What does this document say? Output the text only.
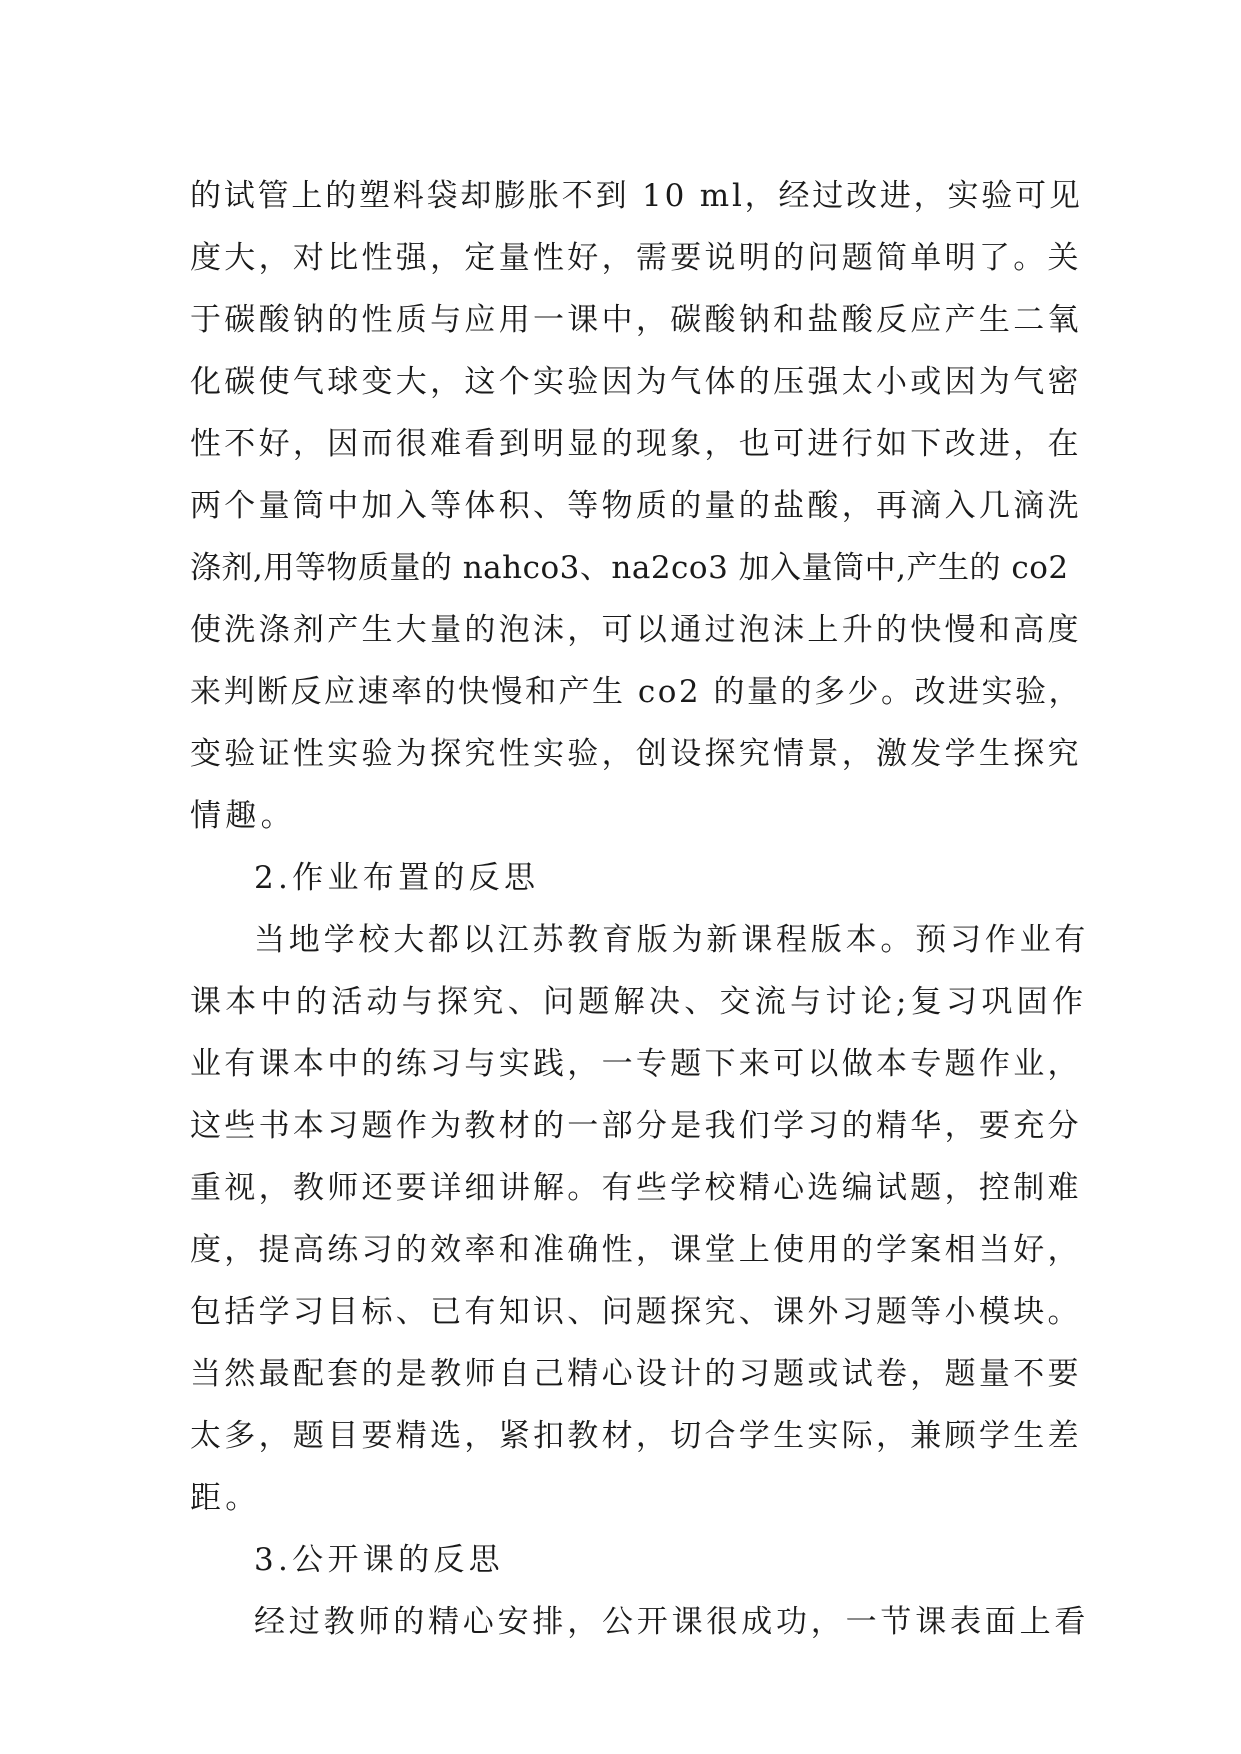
的试管上的塑料袋却膨胀不到 10 ml，经过改进，实验可见
度大，对比性强，定量性好，需要说明的问题简单明了。关
于碳酸钠的性质与应用一课中，碳酸钠和盐酸反应产生二氧
化碳使气球变大，这个实验因为气体的压强太小或因为气密
性不好，因而很难看到明显的现象，也可进行如下改进，在
两个量筒中加入等体积、等物质的量的盐酸，再滴入几滴洗
涤剂,用等物质量的 nahco3、na2co3 加入量筒中,产生的 co2
使洗涤剂产生大量的泡沫，可以通过泡沫上升的快慢和高度
来判断反应速率的快慢和产生 co2 的量的多少。改进实验，
变验证性实验为探究性实验，创设探究情景，激发学生探究
情趣。
2.作业布置的反思
当地学校大都以江苏教育版为新课程版本。预习作业有
课本中的活动与探究、问题解决、交流与讨论;复习巩固作
业有课本中的练习与实践，一专题下来可以做本专题作业，
这些书本习题作为教材的一部分是我们学习的精华，要充分
重视，教师还要详细讲解。有些学校精心选编试题，控制难
度，提高练习的效率和准确性，课堂上使用的学案相当好，
包括学习目标、已有知识、问题探究、课外习题等小模块。
当然最配套的是教师自己精心设计的习题或试卷，题量不要
太多，题目要精选，紧扣教材，切合学生实际，兼顾学生差
距。
3.公开课的反思
经过教师的精心安排，公开课很成功，一节课表面上看
